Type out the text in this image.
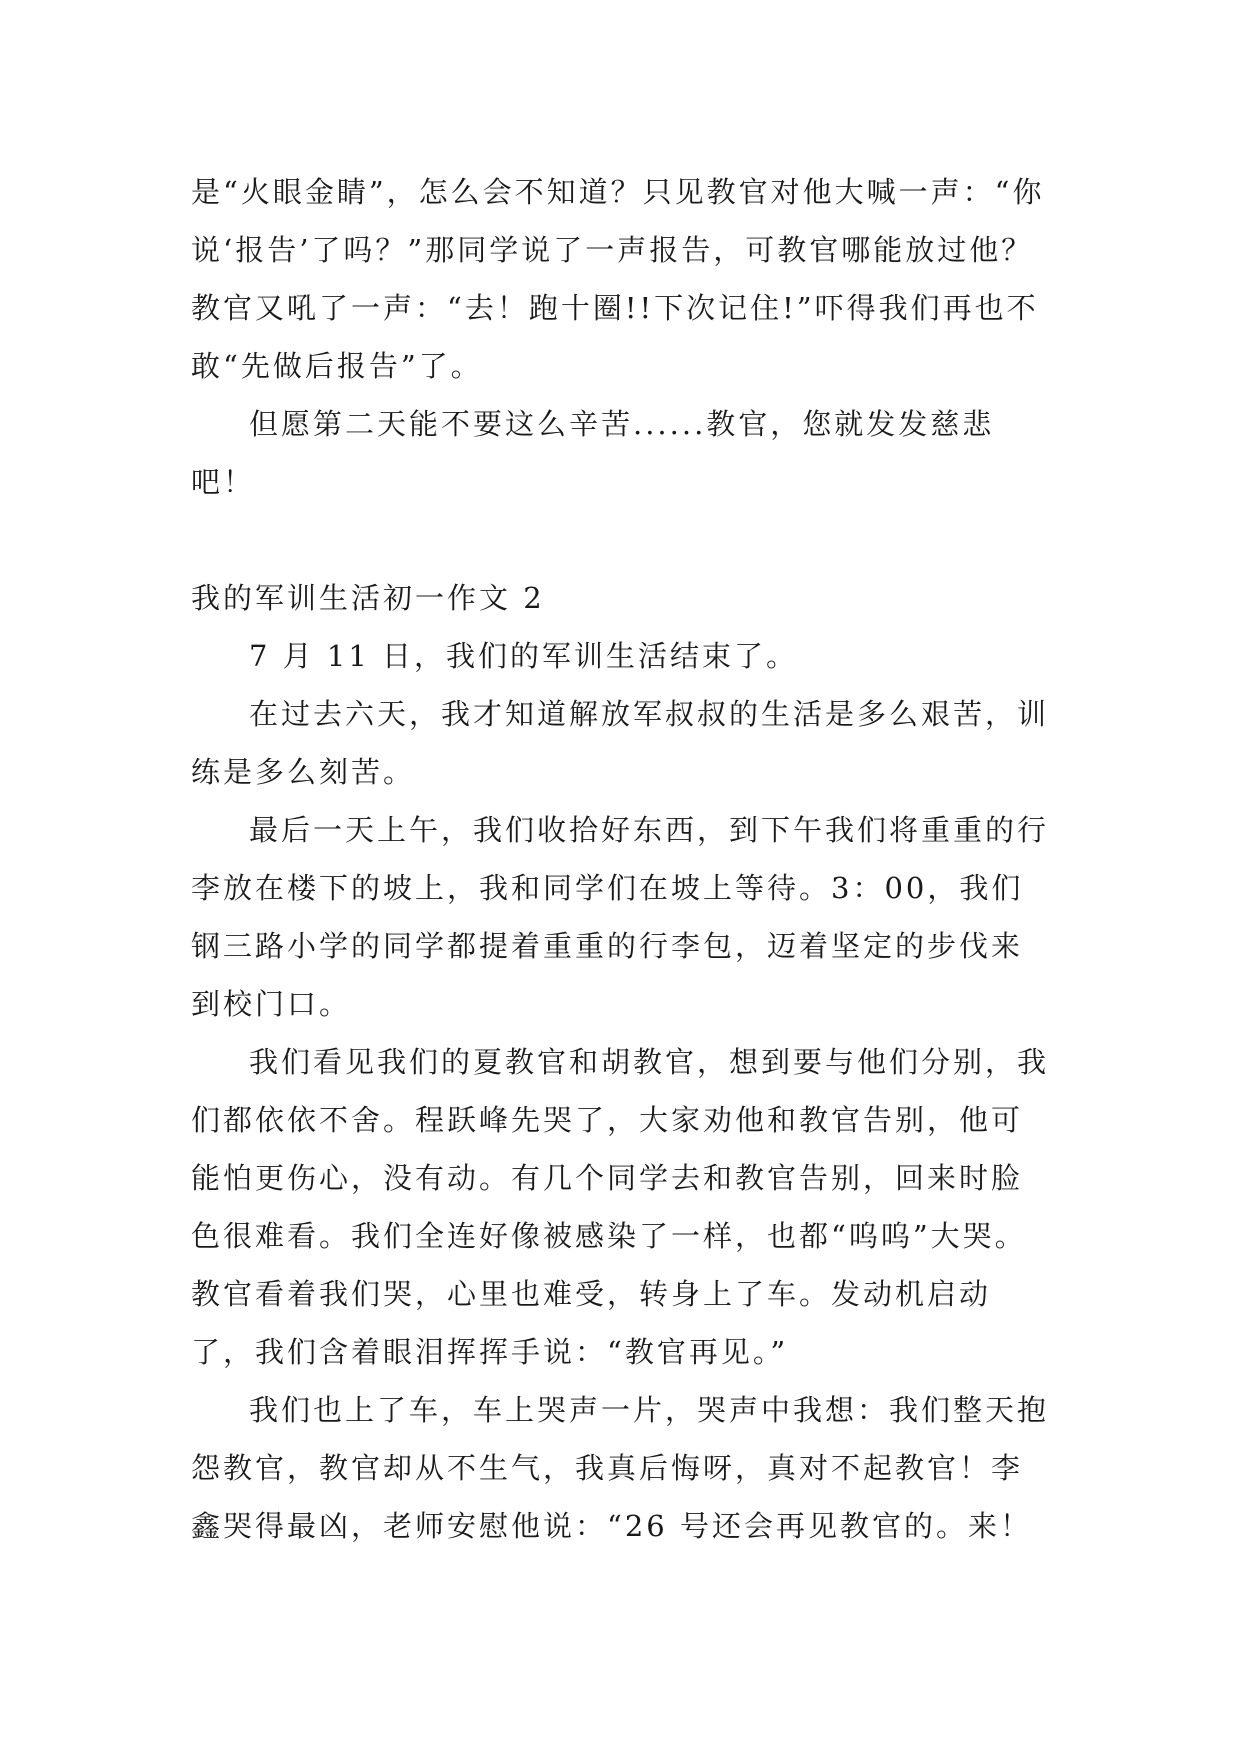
是“火眼金睛”，怎么会不知道？只见教官对他大喊一声：“你说‘报告’了吗？”那同学说了一声报告，可教官哪能放过他？教官又吼了一声：“去！跑十圈!!下次记住!”吓得我们再也不敢“先做后报告”了。

但愿第二天能不要这么辛苦......教官，您就发发慈悲吧！

我的军训生活初一作文 2

7 月 11 日，我们的军训生活结束了。

在过去六天，我才知道解放军叔叔的生活是多么艰苦，训练是多么刻苦。

最后一天上午，我们收拾好东西，到下午我们将重重的行李放在楼下的坡上，我和同学们在坡上等待。3：00，我们钢三路小学的同学都提着重重的行李包，迈着坚定的步伐来到校门口。

我们看见我们的夏教官和胡教官，想到要与他们分别，我们都依依不舍。程跃峰先哭了，大家劝他和教官告别，他可能怕更伤心，没有动。有几个同学去和教官告别，回来时脸色很难看。我们全连好像被感染了一样，也都“呜呜”大哭。教官看着我们哭，心里也难受，转身上了车。发动机启动了，我们含着眼泪挥挥手说：“教官再见。”

我们也上了车，车上哭声一片，哭声中我想：我们整天抱怨教官，教官却从不生气，我真后悔呀，真对不起教官！李鑫哭得最凶，老师安慰他说：“26 号还会再见教官的。来！
